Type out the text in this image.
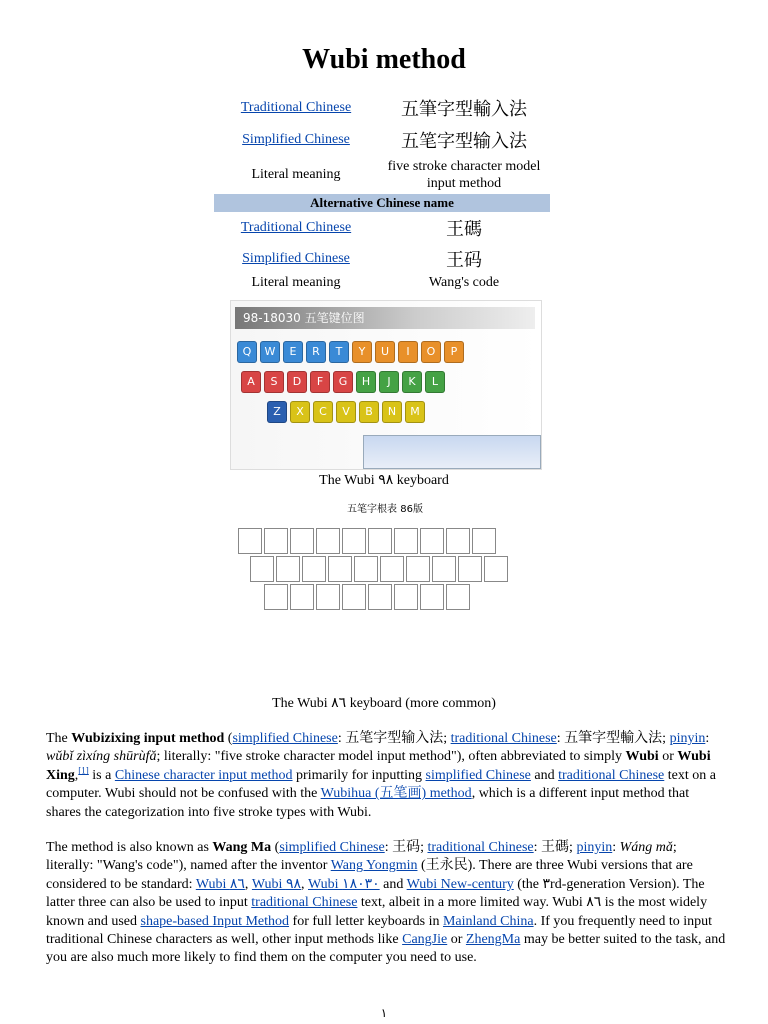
Wubi method
Traditional Chinese	五筆字型輸入法
Simplified Chinese	五笔字型输入法
Literal meaning	five stroke character model input method
Alternative Chinese name	
Traditional Chinese	王碼
Simplified Chinese	王码
Literal meaning	Wang's code
98-18030 五笔键位图
Q	W	E	R	T	Y	U	I	O	P
A	S	D	F	G	H	J	K	L
Z	X	C	V	B	N	M
The Wubi ٩٨ keyboard
五笔字根表 86版
The Wubi ٨٦ keyboard (more common)
The Wubizixing input method (simplified Chinese: 五笔字型输入法; traditional Chinese: 五筆字型輸入法; pinyin: wǔbǐ zìxíng shūrùfǎ; literally: "five stroke character model input method"), often abbreviated to simply Wubi or Wubi Xing,[1] is a Chinese character input method primarily for inputting simplified Chinese and traditional Chinese text on a computer. Wubi should not be confused with the Wubihua (五笔画) method, which is a different input method that shares the categorization into five stroke types with Wubi.
The method is also known as Wang Ma (simplified Chinese: 王码; traditional Chinese: 王碼; pinyin: Wáng mǎ; literally: "Wang's code"), named after the inventor Wang Yongmin (王永民). There are three Wubi versions that are considered to be standard: Wubi ٨٦, Wubi ٩٨, Wubi ١٨٠٣٠ and Wubi New-century (the ٣rd-generation Version). The latter three can also be used to input traditional Chinese text, albeit in a more limited way. Wubi ٨٦ is the most widely known and used shape-based Input Method for full letter keyboards in Mainland China. If you frequently need to input traditional Chinese characters as well, other input methods like CangJie or ZhengMa may be better suited to the task, and you are also much more likely to find them on the computer you need to use.
١
